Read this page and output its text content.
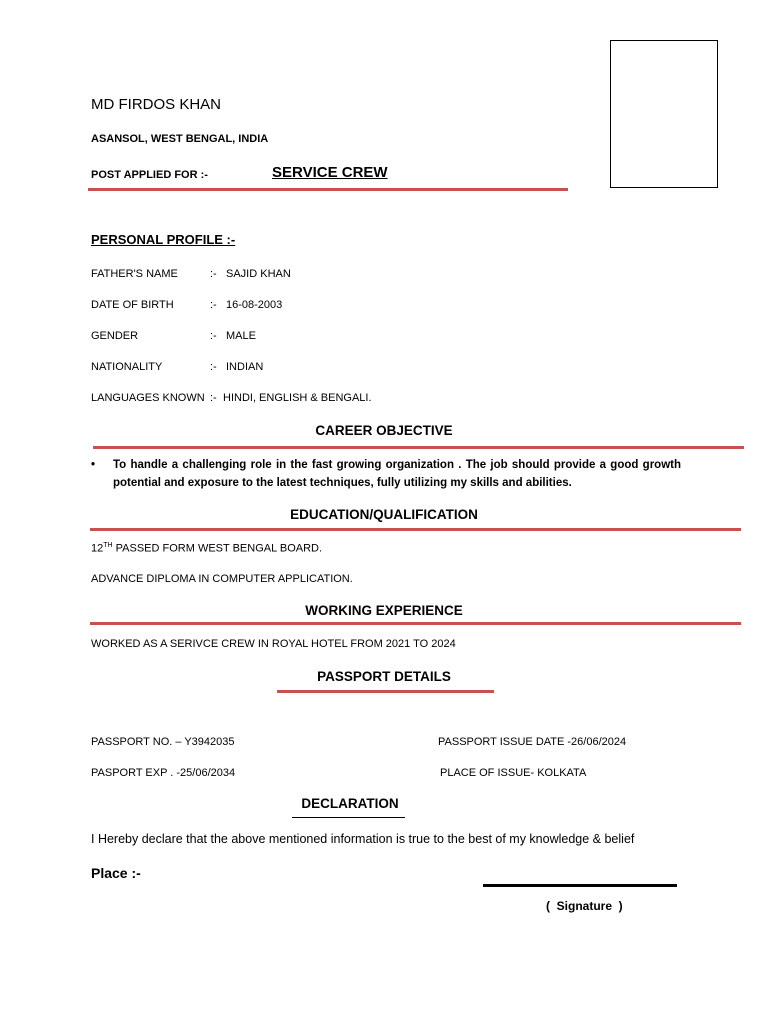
MD FIRDOS KHAN
ASANSOL, WEST BENGAL, INDIA
POST APPLIED FOR :-	SERVICE CREW
PERSONAL PROFILE :-
FATHER'S NAME	:- SAJID KHAN
DATE OF BIRTH	:- 16-08-2003
GENDER	:- MALE
NATIONALITY	:- INDIAN
LANGUAGES KNOWN :- HINDI, ENGLISH & BENGALI.
CAREER OBJECTIVE
• To handle a challenging role in the fast growing organization . The job should provide a good growth potential and exposure to the latest techniques, fully utilizing my skills and abilities.
EDUCATION/QUALIFICATION
12TH PASSED FORM WEST BENGAL BOARD.
ADVANCE DIPLOMA IN COMPUTER APPLICATION.
WORKING EXPERIENCE
WORKED AS A SERIVCE CREW IN ROYAL HOTEL FROM 2021 TO 2024
PASSPORT DETAILS
PASSPORT NO. – Y3942035	PASSPORT ISSUE DATE -26/06/2024
PASPORT EXP . -25/06/2034	PLACE OF ISSUE- KOLKATA
DECLARATION
I Hereby declare that the above mentioned information is true to the best of my knowledge & belief
Place :-
(  Signature  )
